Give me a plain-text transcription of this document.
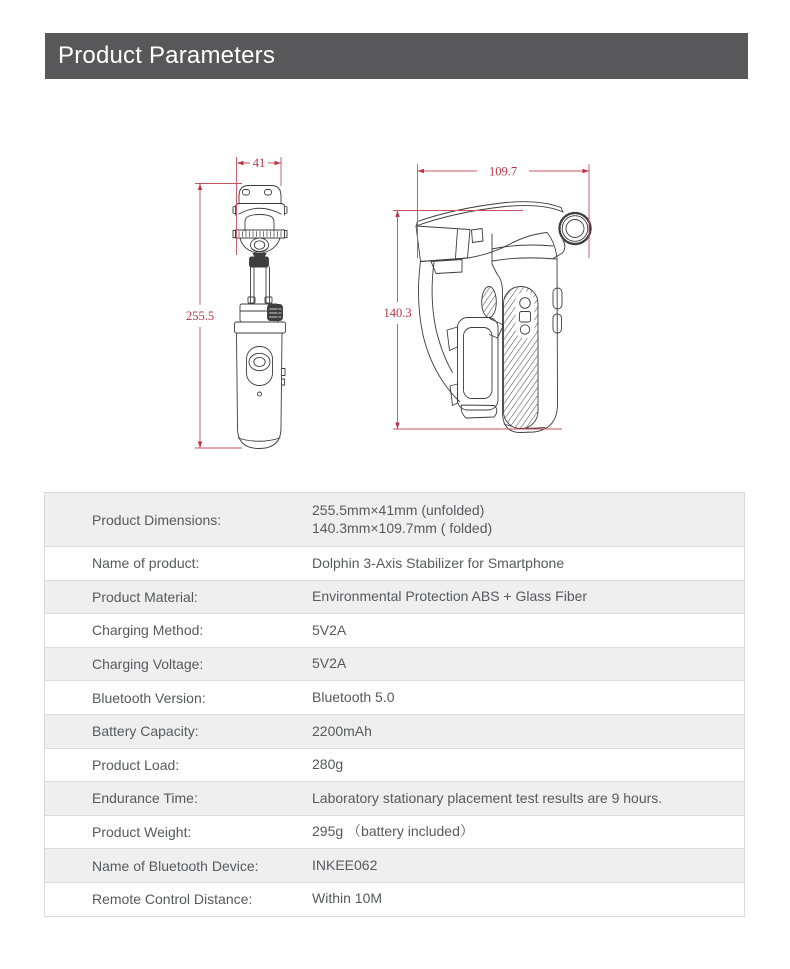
Product Parameters
41
255.5
109.7
140.3
Product Dimensions:
255.5mm×41mm (unfolded)
140.3mm×109.7mm ( folded)
Name of product:	Dolphin 3-Axis Stabilizer for Smartphone
Product Material:	Environmental Protection ABS + Glass Fiber
Charging Method:	5V2A
Charging Voltage:	5V2A
Bluetooth Version:	Bluetooth 5.0
Battery Capacity:	2200mAh
Product Load:	280g
Endurance Time:	Laboratory stationary placement test results are 9 hours.
Product Weight:	295g （battery included）
Name of Bluetooth Device:	INKEE062
Remote Control Distance:	Within 10M
